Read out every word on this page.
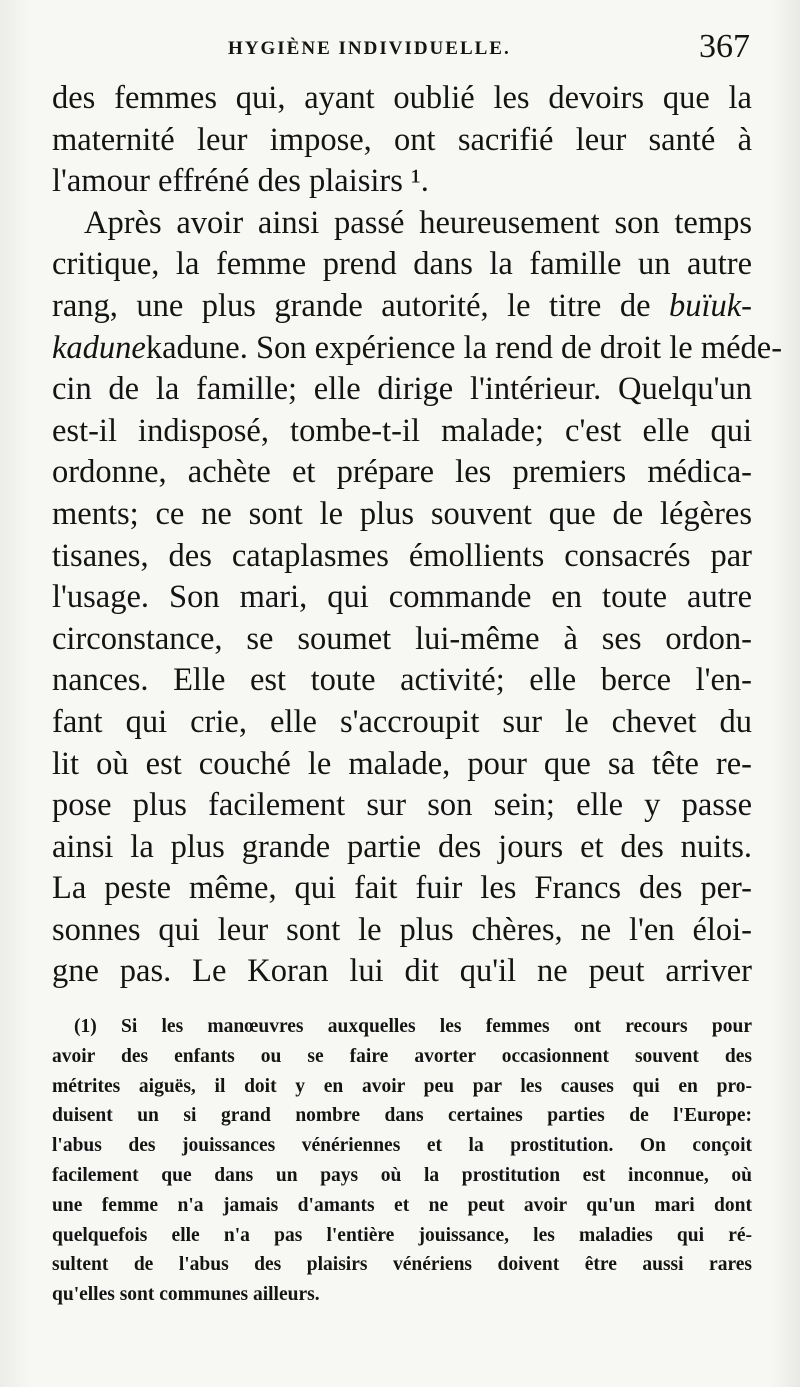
HYGIÈNE INDIVIDUELLE.	367
des femmes qui, ayant oublié les devoirs que la
maternité leur impose, ont sacrifié leur santé à
l'amour effréné des plaisirs ¹.
Après avoir ainsi passé heureusement son temps
critique, la femme prend dans la famille un autre
rang, une plus grande autorité, le titre de buïuk-
kadunekadune. Son expérience la rend de droit le méde-
cin de la famille; elle dirige l'intérieur. Quelqu'un
est-il indisposé, tombe-t-il malade; c'est elle qui
ordonne, achète et prépare les premiers médica-
ments; ce ne sont le plus souvent que de légères
tisanes, des cataplasmes émollients consacrés par
l'usage. Son mari, qui commande en toute autre
circonstance, se soumet lui-même à ses ordon-
nances. Elle est toute activité; elle berce l'en-
fant qui crie, elle s'accroupit sur le chevet du
lit où est couché le malade, pour que sa tête re-
pose plus facilement sur son sein; elle y passe
ainsi la plus grande partie des jours et des nuits.
La peste même, qui fait fuir les Francs des per-
sonnes qui leur sont le plus chères, ne l'en éloi-
gne pas. Le Koran lui dit qu'il ne peut arriver
(1) Si les manœuvres auxquelles les femmes ont recours pour
avoir des enfants ou se faire avorter occasionnent souvent des
métrites aiguës, il doit y en avoir peu par les causes qui en pro-
duisent un si grand nombre dans certaines parties de l'Europe:
l'abus des jouissances vénériennes et la prostitution. On conçoit
facilement que dans un pays où la prostitution est inconnue, où
une femme n'a jamais d'amants et ne peut avoir qu'un mari dont
quelquefois elle n'a pas l'entière jouissance, les maladies qui ré-
sultent de l'abus des plaisirs vénériens doivent être aussi rares
qu'elles sont communes ailleurs.
